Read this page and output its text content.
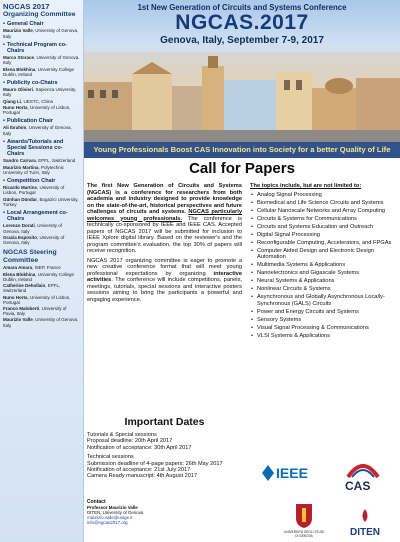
NGCAS 2017
Organizing Committee
• General Chair
Maurizio Valle, University of Genova, Italy
• Technical Program co-Chairs
Marco Storace, University of Genova, Italy
Elena Blokhina, University College Dublin, Ireland
• Publicity co-Chairs
Mauro Olivieri, Sapienza University, Italy
Qiang Li, UESTC, China
Nuno Horta, University of Lisbon, Portugal
• Publication Chair
Ali Ibrahim, University of Genova, Italy
• Awards/Tutorials and Special Sessions co-Chairs
Sandro Carrara, EPFL, Switzerland
Maurizio Martina, Polytechnic University of Turin, Italy
• Competition Chair
Ricardo Martins, University of Lisbon, Portugal
Günhan Dündar, Bogazici University, Turkey
• Local Arrangement co-Chairs
Lorenzo Dorati, University of Genova, Italy
Grazia Esposito, University of Genova, Italy
NGCAS Steering Committee
Amara Amara, ISEP, France
Elena Blokhina, University College Dublin, Ireland
Catherine Dehollain, EPFL, Switzerland
Nuno Horta, University of Lisbon, Portugal
Franco Maloberti, University of Pavia, Italy
Maurizio Valle, University of Genova, Italy
1st New Generation of Circuits and Systems Conference
NGCAS.2017
Genova, Italy, September 7-9, 2017
Young Professionals Boost CAS Innovation into Society for a better Quality of Life
Call for Papers

The first New Generation of Circuits and Systems (NGCAS) is a conference for researchers from both academia and industry designed to provide knowledge on the state-of-the-art, historical perspectives and future challenges of circuits and systems. NGCAS particularly welcomes young professionals. The conference is technically co-sponsored by IEEE and IEEE CAS. Accepted papers of NGCAS 2017 will be submitted for inclusion to IEEE Xplore digital library. Based on the reviewer's and the program committee's evaluation, the top 30% of papers will receive recognition.

NGCAS 2017 organizing committee is eager to promote a new creative conference format that will meet young professional expectations by organizing interactive activities. The conference will include competitions, panels, meetings, tutorials, special sessions and interactive posters sessions aiming to bring the participants a powerful and engaging experience.

The topics include, but are not limited to:
• Analog Signal Processing
• Biomedical and Life Science Circuits and Systems
• Cellular Nanoscale Networks and Array Computing
• Circuits & Systems for Communications
• Circuits and Systems Education and Outreach
• Digital Signal Processing
• Reconfigurable Computing, Accelerators, and FPGAs
• Computer Aided Design and Electronic Design Automation
• Multimedia Systems & Applications
• Nanoelectronics and Gigascale Systems
• Neural Systems & Applications
• Nonlinear Circuits & Systems
• Asynchronous and Globally Asynchronous Locally-Synchronous (GALS) Circuits
• Power and Energy Circuits and Systems
• Sensory Systems
• Visual Signal Processing & Communications
• VLSI Systems & Applications
Important Dates
Tutorials & Special sessions
Proposal deadline: 20th April 2017
Notification of acceptance: 30th April 2017
Technical sessions
Submission deadline of 4-page papers: 26th May 2017
Notification of acceptance: 21st July 2017
Camera Ready manuscript: 4th August 2017
Contact
Professor Maurizio Valle
DITEN, University of Genova
maurizio.valle@unige.it
info@ngcas2017.org
IEEE
CAS
UNIVERSITÀ DEGLI STUDI
DI GENOVA	DITEN
